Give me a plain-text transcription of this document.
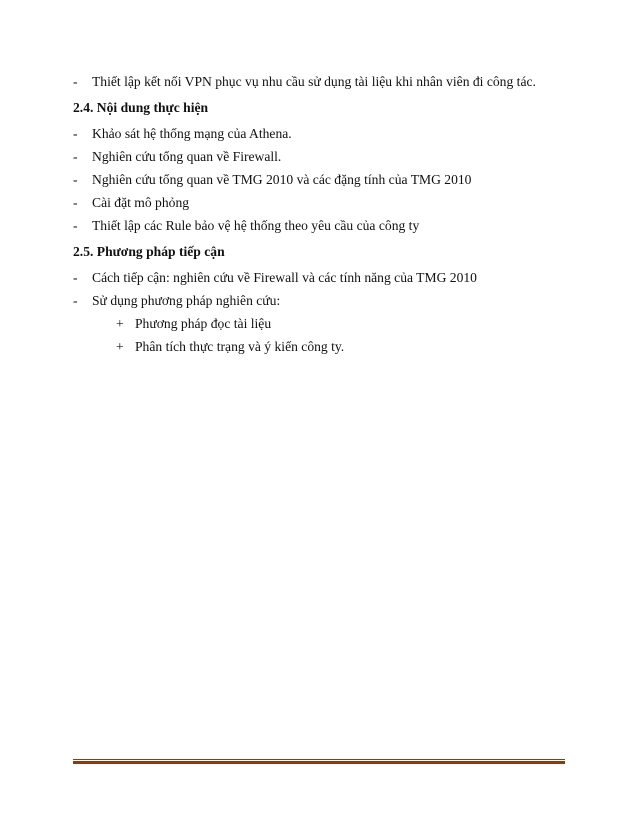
-	Thiết lập kết nối VPN phục vụ nhu cầu sử dụng tài liệu khi nhân viên đi công tác.
2.4. Nội dung thực hiện
-	Khảo sát hệ thống mạng của Athena.
-	Nghiên cứu tổng quan về Firewall.
-	Nghiên cứu tổng quan về TMG 2010 và các đặng tính của TMG 2010
-	Cài đặt mô phỏng
-	Thiết lập các Rule bảo vệ hệ thống theo yêu cầu của công ty
2.5. Phương pháp tiếp cận
-	Cách tiếp cận: nghiên cứu về Firewall và các tính năng của TMG 2010
-	Sử dụng phương pháp nghiên cứu:
+ Phương pháp đọc tài liệu
+ Phân tích thực trạng và ý kiến công ty.
